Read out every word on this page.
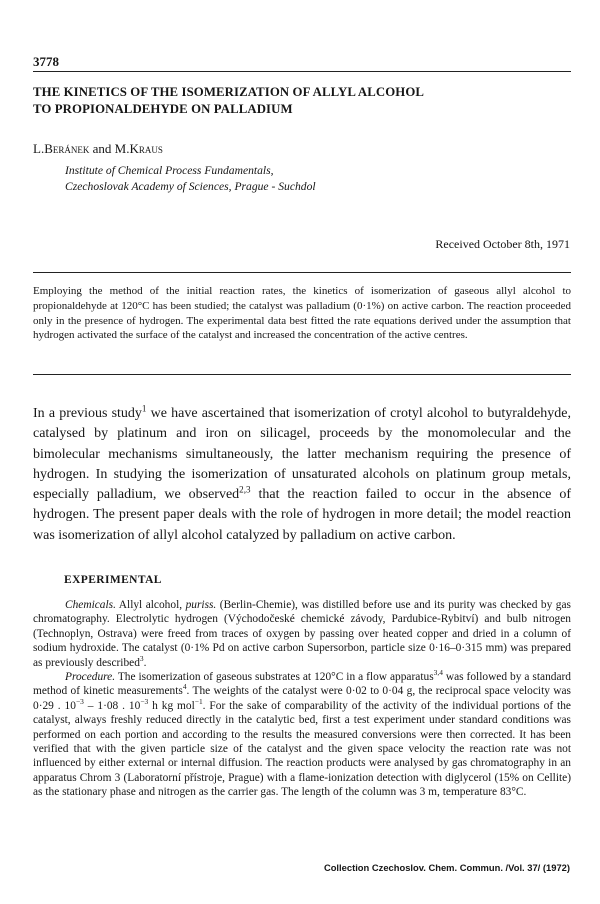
3778
THE KINETICS OF THE ISOMERIZATION OF ALLYL ALCOHOL
TO PROPIONALDEHYDE ON PALLADIUM
L.Beránek and M.Kraus
Institute of Chemical Process Fundamentals,
Czechoslovak Academy of Sciences, Prague - Suchdol
Received October 8th, 1971
Employing the method of the initial reaction rates, the kinetics of isomerization of gaseous allyl alcohol to propionaldehyde at 120°C has been studied; the catalyst was palladium (0·1%) on active carbon. The reaction proceeded only in the presence of hydrogen. The experimental data best fitted the rate equations derived under the assumption that hydrogen activated the surface of the catalyst and increased the concentration of the active centres.
In a previous study$^1$ we have ascertained that isomerization of crotyl alcohol to butyraldehyde, catalysed by platinum and iron on silicagel, proceeds by the monomolecular and the bimolecular mechanisms simultaneously, the latter mechanism requiring the presence of hydrogen. In studying the isomerization of unsaturated alcohols on platinum group metals, especially palladium, we observed$^{2,3}$ that the reaction failed to occur in the absence of hydrogen. The present paper deals with the role of hydrogen in more detail; the model reaction was isomerization of allyl alcohol catalyzed by palladium on active carbon.
EXPERIMENTAL

Chemicals. Allyl alcohol, puriss. (Berlin-Chemie), was distilled before use and its purity was checked by gas chromatography. Electrolytic hydrogen (Východočeské chemické závody, Pardubice-Rybitví) and bulb nitrogen (Technoplyn, Ostrava) were freed from traces of oxygen by passing over heated copper and dried in a column of sodium hydroxide. The catalyst (0·1% Pd on active carbon Supersorbon, particle size 0·16–0·315 mm) was prepared as previously described$^3$.

Procedure. The isomerization of gaseous substrates at 120°C in a flow apparatus$^{3,4}$ was followed by a standard method of kinetic measurements$^4$. The weights of the catalyst were 0·02 to 0·04 g, the reciprocal space velocity was 0·29 . $10^{-3} - 1\cdot 08$ . $10^{-3}$ h kg mol$^{-1}$. For the sake of comparability of the activity of the individual portions of the catalyst, always freshly reduced directly in the catalytic bed, first a test experiment under standard conditions was performed on each portion and according to the results the measured conversions were then corrected. It has been verified that with the given particle size of the catalyst and the given space velocity the reaction rate was not influenced by either external or internal diffusion. The reaction products were analysed by gas chromatography in an apparatus Chrom 3 (Laboratorní přístroje, Prague) with a flame-ionization detection with diglycerol (15% on Cellite) as the stationary phase and nitrogen as the carrier gas. The length of the column was 3 m, temperature 83°C.

Collection Czechoslov. Chem. Commun. /Vol. 37/ (1972)
